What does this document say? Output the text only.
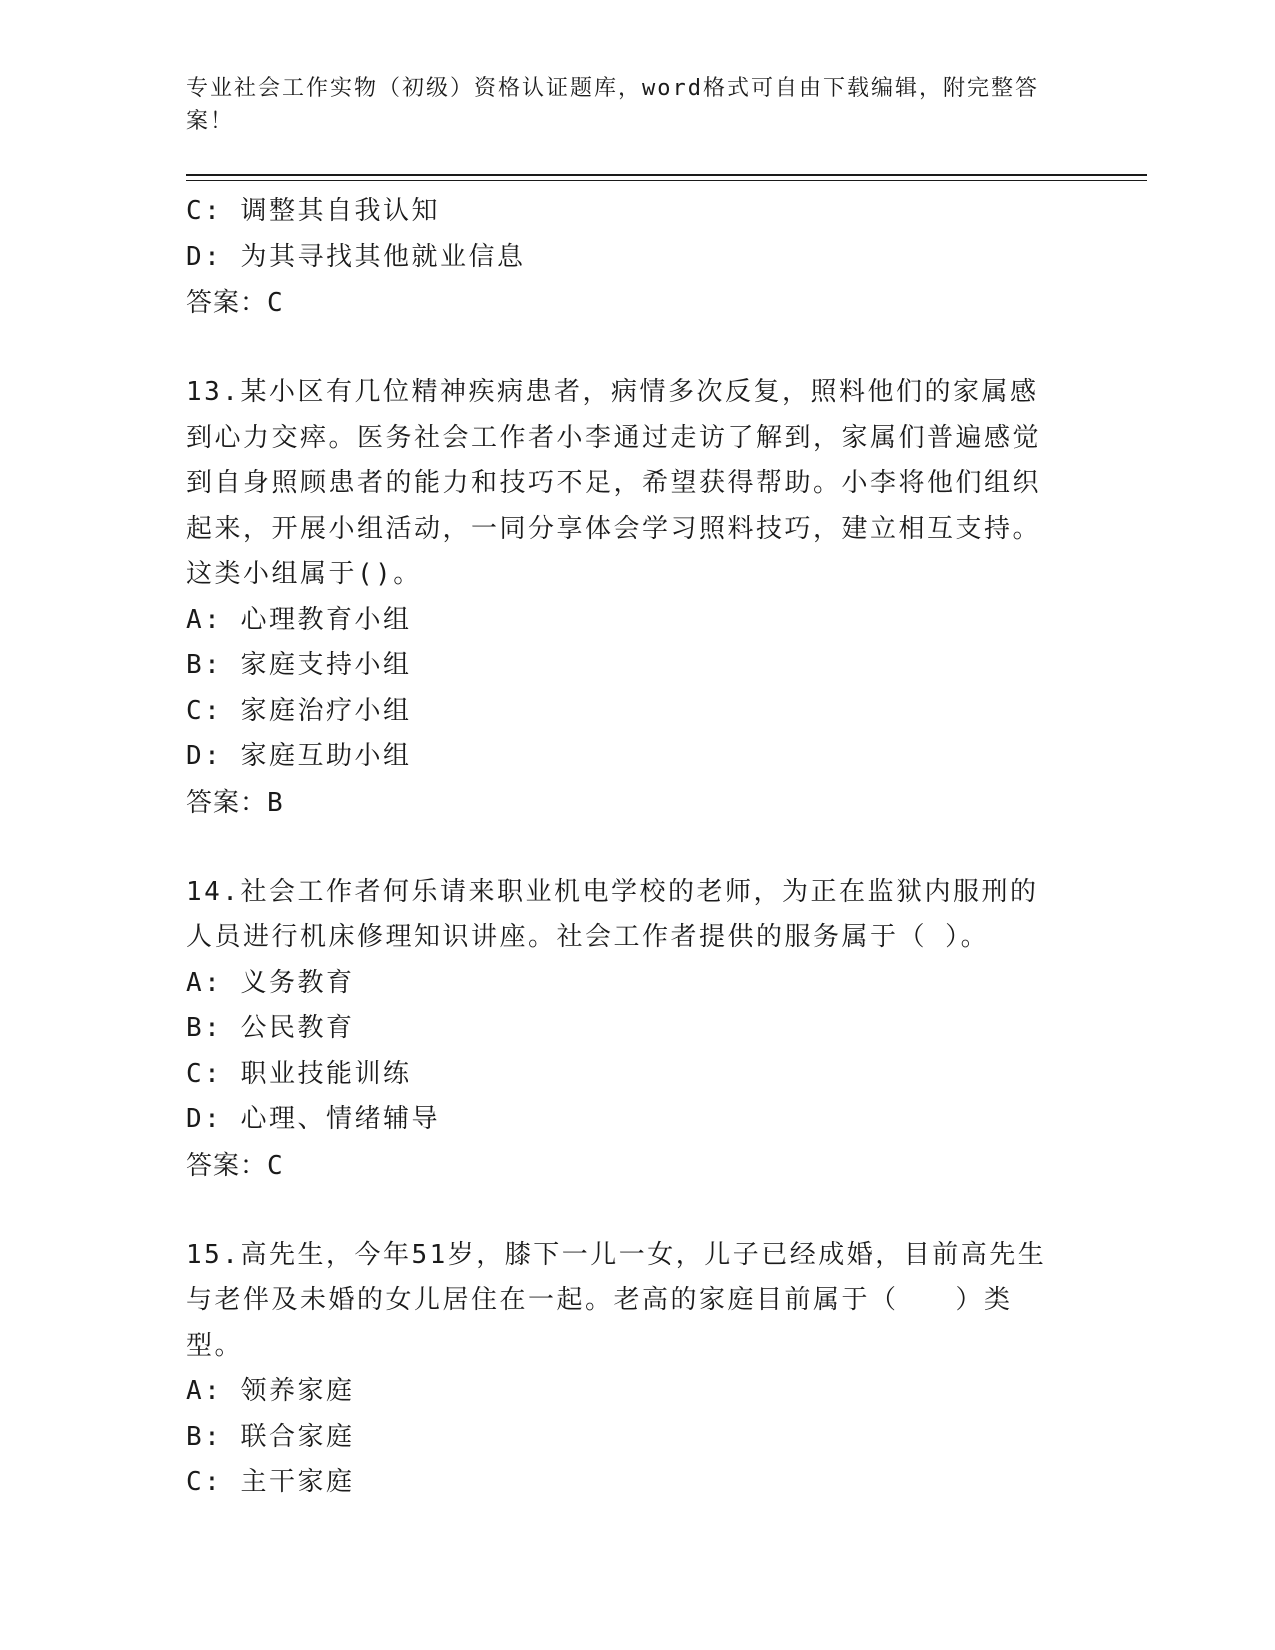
专业社会工作实物（初级）资格认证题库，word格式可自由下载编辑，附完整答案！
C: 调整其自我认知
D: 为其寻找其他就业信息
答案：C
13.某小区有几位精神疾病患者，病情多次反复，照料他们的家属感到心力交瘁。医务社会工作者小李通过走访了解到，家属们普遍感觉到自身照顾患者的能力和技巧不足，希望获得帮助。小李将他们组织起来，开展小组活动，一同分享体会学习照料技巧，建立相互支持。这类小组属于()。
A: 心理教育小组
B: 家庭支持小组
C: 家庭治疗小组
D: 家庭互助小组
答案：B
14.社会工作者何乐请来职业机电学校的老师，为正在监狱内服刑的人员进行机床修理知识讲座。社会工作者提供的服务属于（ ）。
A: 义务教育
B: 公民教育
C: 职业技能训练
D: 心理、情绪辅导
答案：C
15.高先生，今年51岁，膝下一儿一女，儿子已经成婚，目前高先生与老伴及未婚的女儿居住在一起。老高的家庭目前属于（　　）类型。
A: 领养家庭
B: 联合家庭
C: 主干家庭
